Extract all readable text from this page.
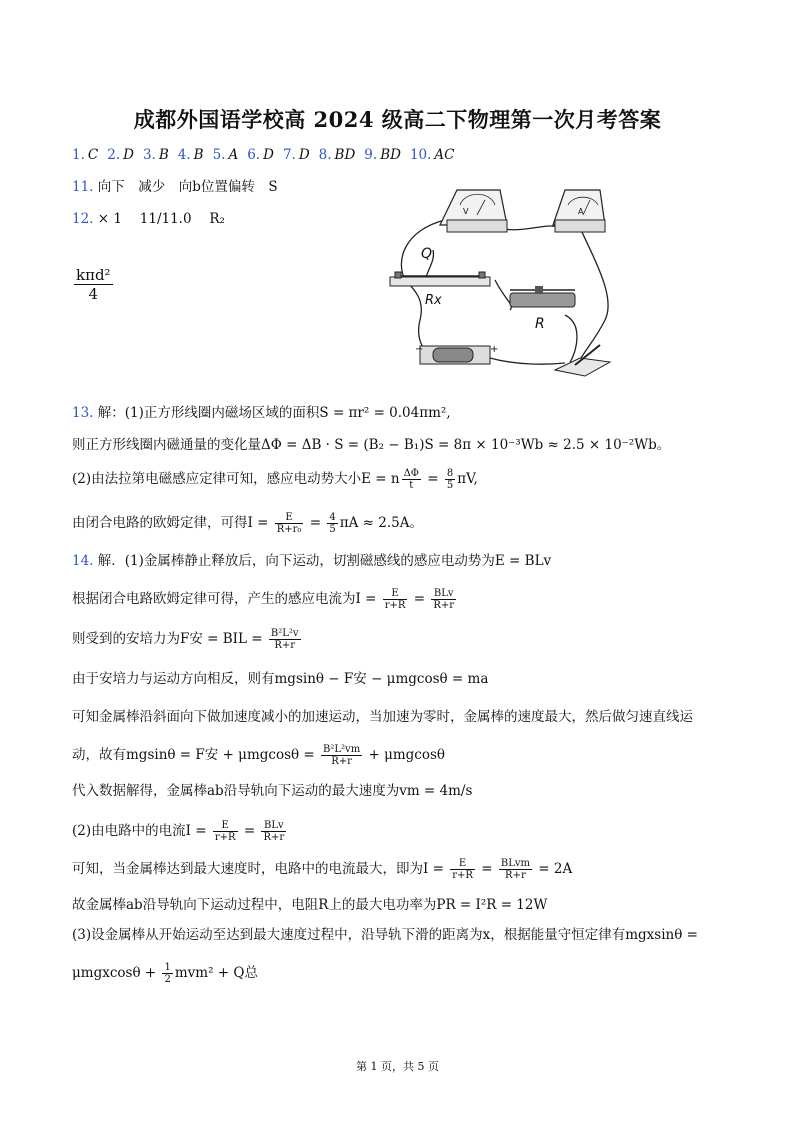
成都外国语学校高 2024 级高二下物理第一次月考答案
1. C 2. D 3. B 4. B 5. A 6. D 7. D 8. BD 9. BD 10. AC
11. 向下　减少　向b位置偏转　S
12. × 1　 11/11.0　 R₂
$\frac{\text{kπd²}}{4}$
V	A
Q
Rx
R
−	+
13. 解：(1)正方形线圈内磁场区域的面积S = πr² = 0.04πm²,
则正方形线圈内磁通量的变化量ΔΦ = ΔB · S = (B₂ − B₁)S = 8π × 10⁻³Wb ≈ 2.5 × 10⁻²Wb。
(2)由法拉第电磁感应定律可知，感应电动势大小E = n $\frac{\Delta\Phi}{t} = \frac{8}{5} \pi V$,
由闭合电路的欧姆定律，可得$I = \frac{E}{\text{R+r₀}} = \frac{4}{5}$ πA ≈ 2.5A。
14. 解．(1)金属棒静止释放后，向下运动，切割磁感线的感应电动势为E = BLv
根据闭合电路欧姆定律可得，产生的感应电流为$I = \frac{E}{r+R} = \frac{\text{BLv}}{R+r}$
则受到的安培力为F安 = BIL = $\frac{\text{B²L²v}}{R+r}$
由于安培力与运动方向相反，则有mgsinθ − F安 − μmgcosθ = ma
可知金属棒沿斜面向下做加速度减小的加速运动，当加速为零时，金属棒的速度最大，然后做匀速直线运
动，故有mgsinθ = F安 + $\mu mgcos\theta = \frac{\text{B²L²vm}}{R+r} + \mu mgcos\theta$
代入数据解得，金属棒ab沿导轨向下运动的最大速度为vm = 4m/s
(2)由电路中的电流$I = \frac{E}{r+R} = \frac{\text{BLv}}{R+r}$
可知，当金属棒达到最大速度时，电路中的电流最大，即为$I = \frac{E}{r+R} = \frac{\text{BLvm}}{R+r} = 2A$
故金属棒ab沿导轨向下运动过程中，电阻R上的最大电功率为PR = I²R = 12W
(3)设金属棒从开始运动至达到最大速度过程中，沿导轨下滑的距离为x，根据能量守恒定律有mgxsinθ =
$\mu mgxcos\theta + \frac{1}{2} mvm^2 + Q$总
第 1 页，共 5 页
